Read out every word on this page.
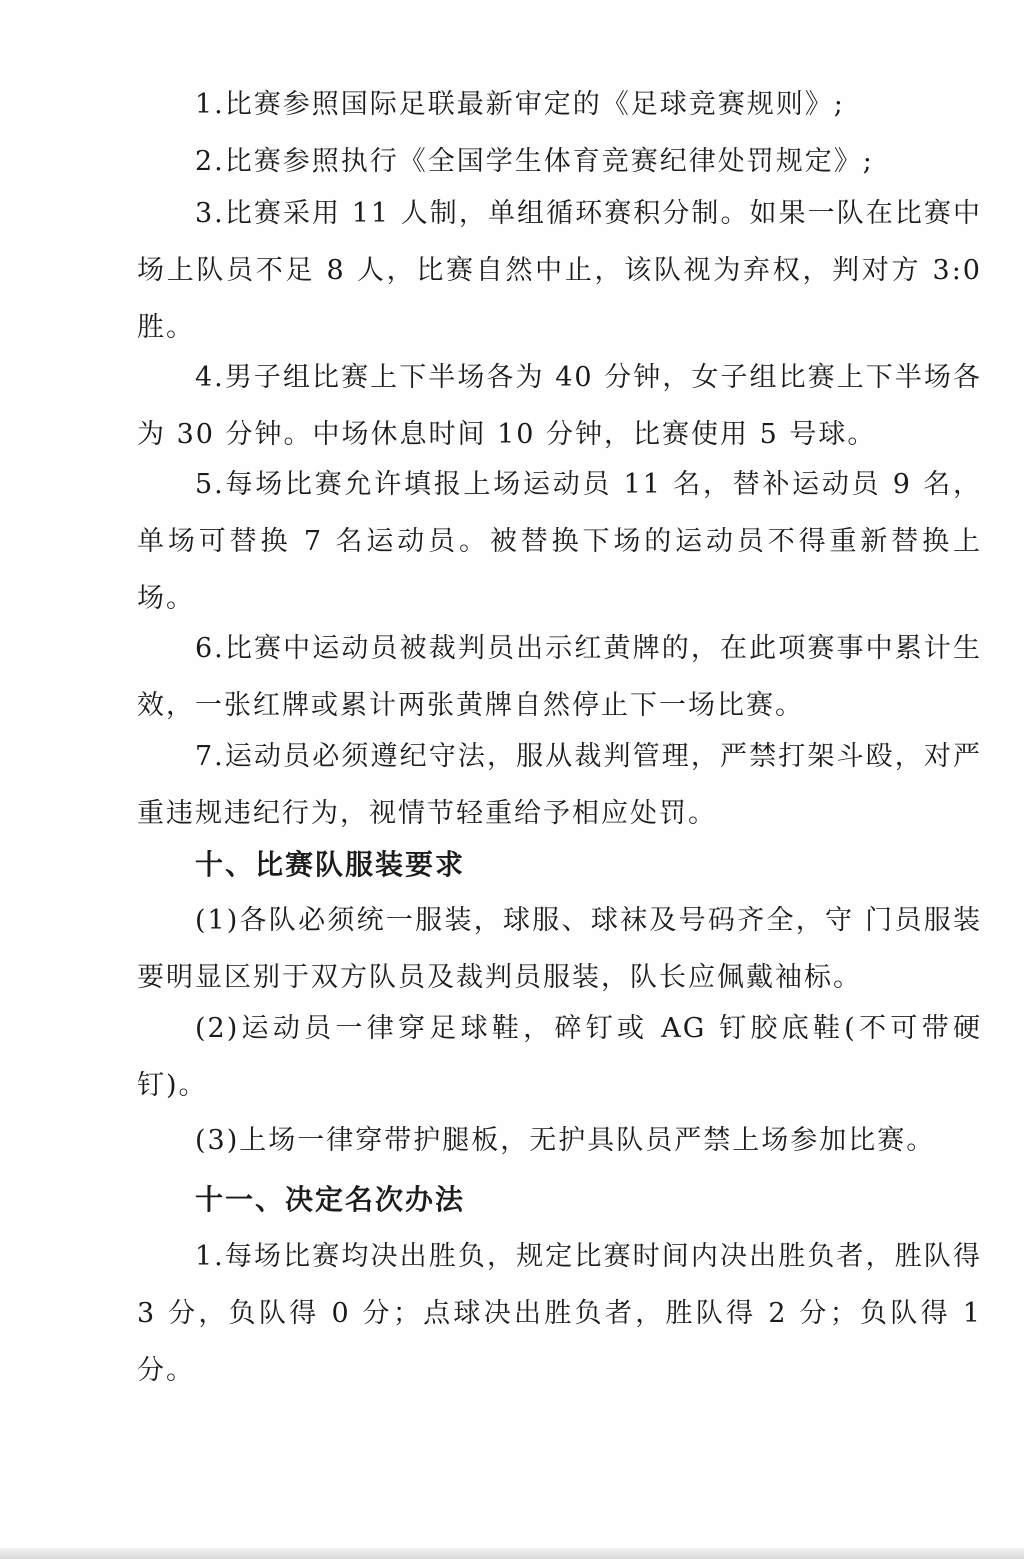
1.比赛参照国际足联最新审定的《足球竞赛规则》;

2.比赛参照执行《全国学生体育竞赛纪律处罚规定》;

3.比赛采用 11 人制，单组循环赛积分制。如果一队在比赛中场上队员不足 8 人，比赛自然中止，该队视为弃权，判对方 3:0 胜。

4.男子组比赛上下半场各为 40 分钟，女子组比赛上下半场各为 30 分钟。中场休息时间 10 分钟，比赛使用 5 号球。

5.每场比赛允许填报上场运动员 11 名，替补运动员 9 名，单场可替换 7 名运动员。被替换下场的运动员不得重新替换上场。

6.比赛中运动员被裁判员出示红黄牌的，在此项赛事中累计生效，一张红牌或累计两张黄牌自然停止下一场比赛。

7.运动员必须遵纪守法，服从裁判管理，严禁打架斗殴，对严重违规违纪行为，视情节轻重给予相应处罚。

十、比赛队服装要求

(1)各队必须统一服装，球服、球袜及号码齐全，守 门员服装要明显区别于双方队员及裁判员服装，队长应佩戴袖标。

(2)运动员一律穿足球鞋，碎钉或 AG 钉胶底鞋(不可带硬钉)。

(3)上场一律穿带护腿板，无护具队员严禁上场参加比赛。

十一、决定名次办法

1.每场比赛均决出胜负，规定比赛时间内决出胜负者，胜队得 3 分，负队得 0 分；点球决出胜负者，胜队得 2 分；负队得 1 分。
